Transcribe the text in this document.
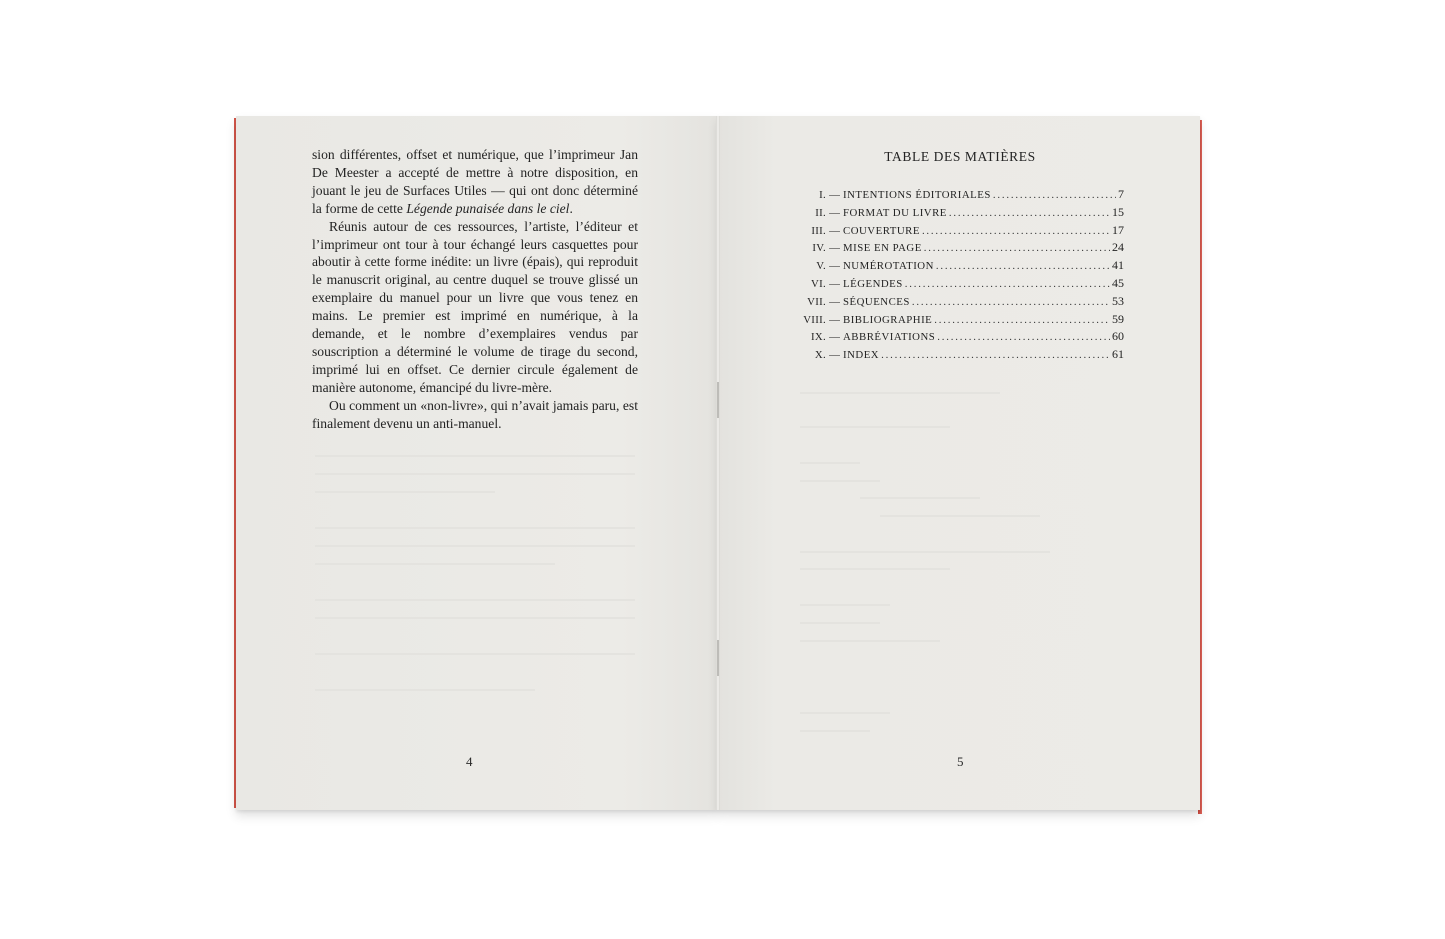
sion différentes, offset et numérique, que l’imprimeur Jan De Meester a accepté de mettre à notre disposition, en jouant le jeu de Surfaces Utiles — qui ont donc déterminé la forme de cette Légende punaisée dans le ciel.

Réunis autour de ces ressources, l’artiste, l’éditeur et l’imprimeur ont tour à tour échangé leurs casquettes pour aboutir à cette forme inédite: un livre (épais), qui reproduit le manuscrit original, au centre duquel se trouve glissé un exemplaire du manuel pour un livre que vous tenez en mains. Le premier est imprimé en numérique, à la demande, et le nombre d’exemplaires vendus par souscription a déterminé le volume de tirage du second, imprimé lui en offset. Ce dernier circule également de manière autonome, émancipé du livre-mère.

Ou comment un «non-livre», qui n’avait jamais paru, est finalement devenu un anti-manuel.

4
TABLE DES MATIÈRES
I. — INTENTIONS ÉDITORIALES .....	7
II. — FORMAT DU LIVRE .....	15
III. — COUVERTURE .....	17
IV. — MISE EN PAGE .....	24
V. — NUMÉROTATION .....	41
VI. — LÉGENDES .....	45
VII. — SÉQUENCES .....	53
VIII. — BIBLIOGRAPHIE .....	59
IX. — ABBRÉVIATIONS .....	60
X. — INDEX .....	61
5
